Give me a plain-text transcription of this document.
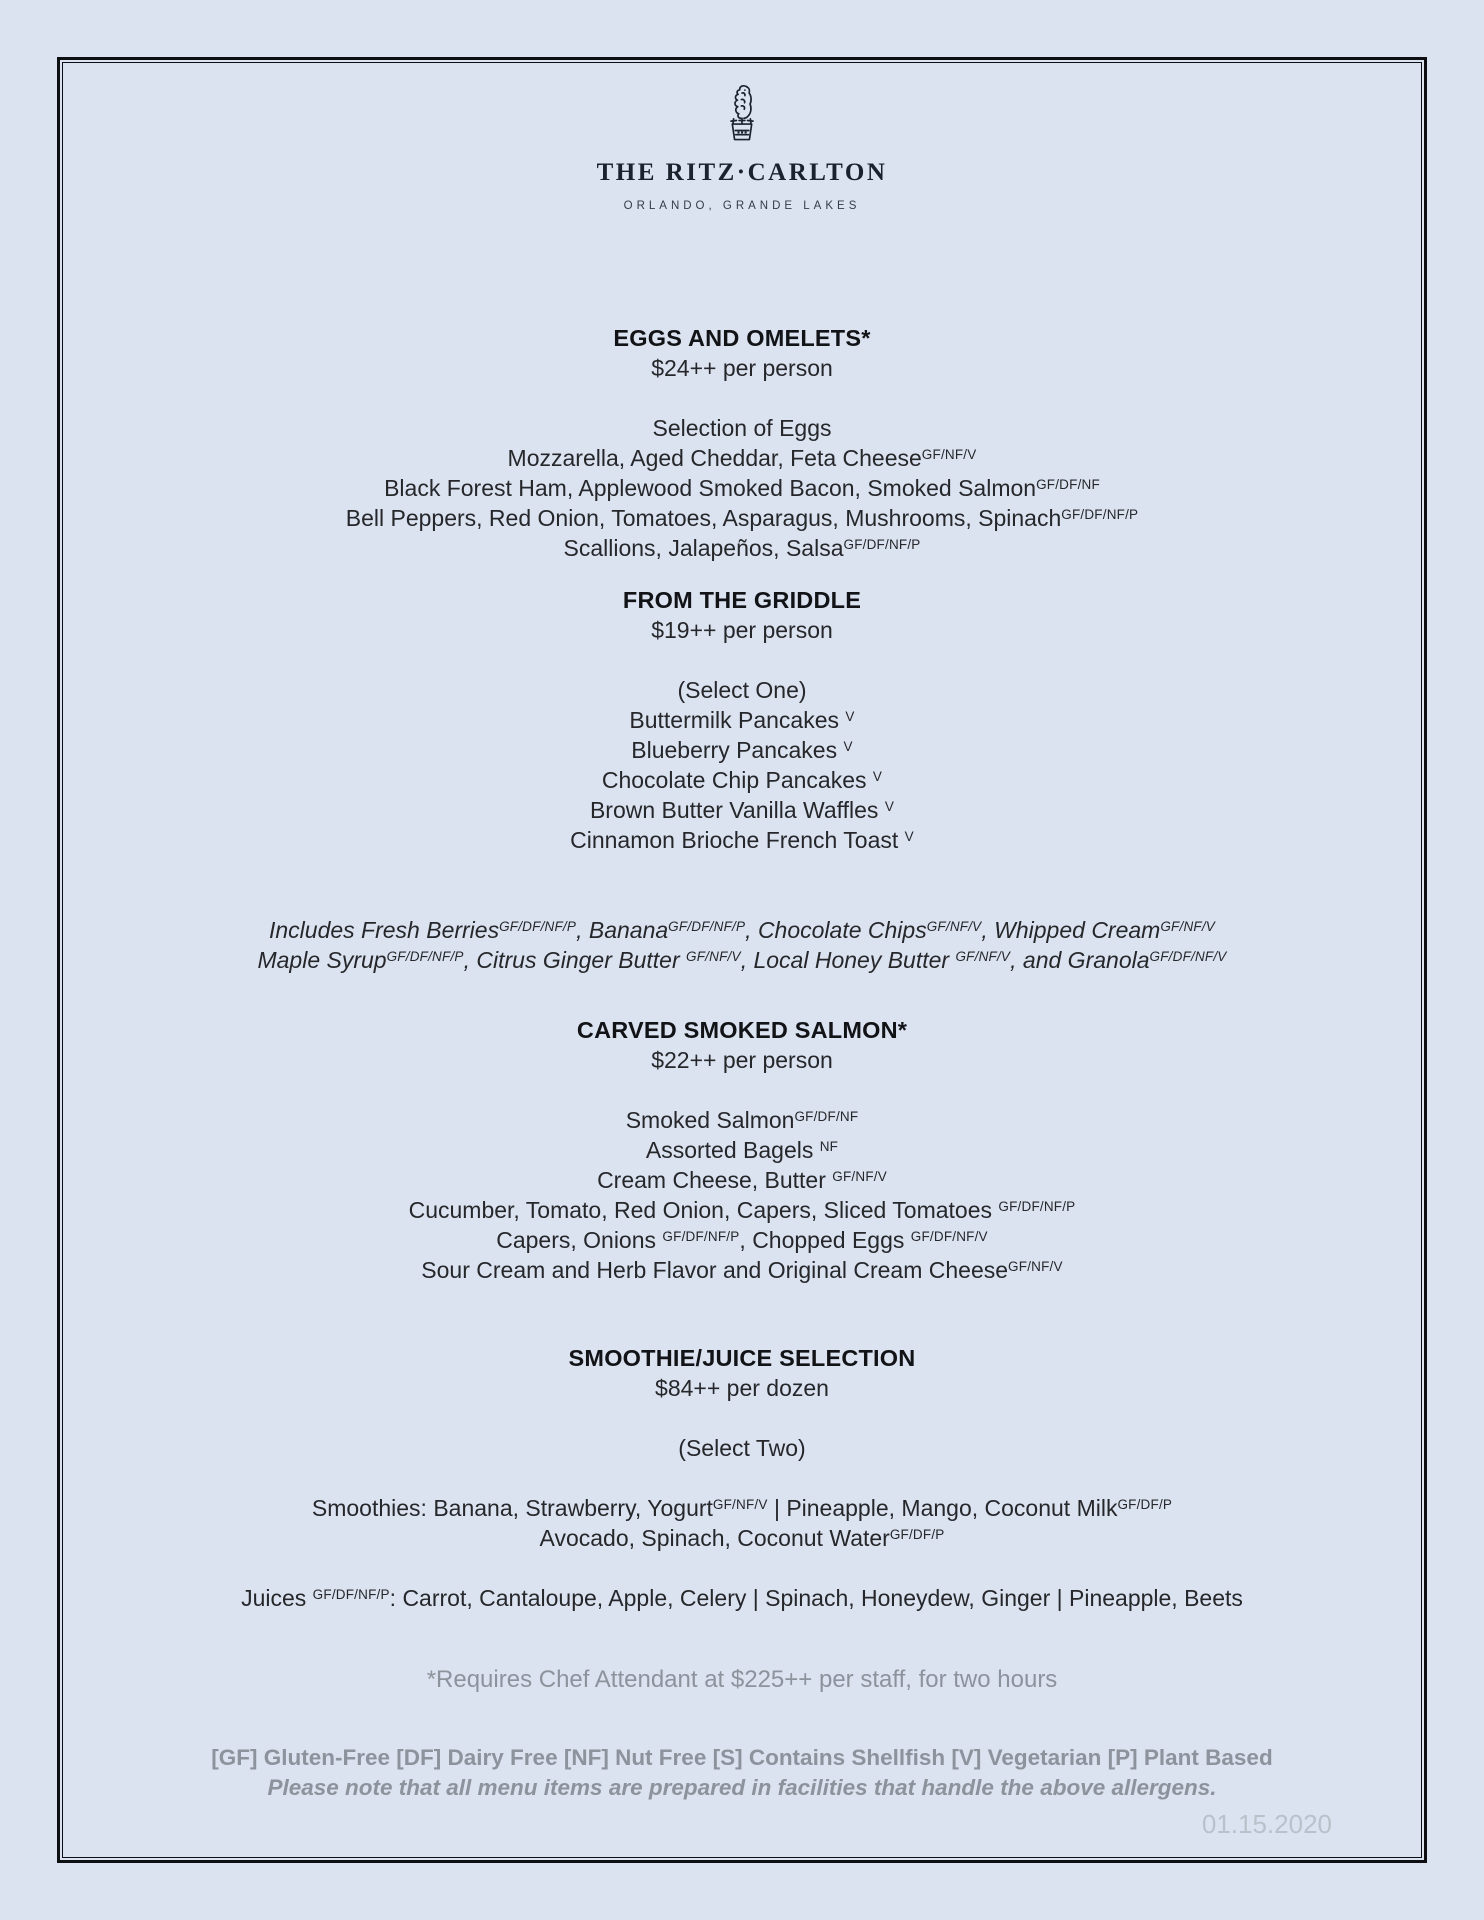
THE RITZ·CARLTON
ORLANDO, GRANDE LAKES
EGGS AND OMELETS*
$24++ per person
Selection of Eggs
Mozzarella, Aged Cheddar, Feta Cheese$^{GF/NF/V}$
Black Forest Ham, Applewood Smoked Bacon, Smoked Salmon$^{GF/DF/NF}$
Bell Peppers, Red Onion, Tomatoes, Asparagus, Mushrooms, Spinach$^{GF/DF/NF/P}$
Scallions, Jalapeños, Salsa$^{GF/DF/NF/P}$
FROM THE GRIDDLE
$19++ per person
(Select One)
Buttermilk Pancakes $^V$
Blueberry Pancakes $^V$
Chocolate Chip Pancakes $^V$
Brown Butter Vanilla Waffles $^V$
Cinnamon Brioche French Toast $^V$
Includes Fresh Berries$^{GF/DF/NF/P}$, Banana$^{GF/DF/NF/P}$, Chocolate Chips$^{GF/NF/V}$, Whipped Cream$^{GF/NF/V}$
Maple Syrup$^{GF/DF/NF/P}$, Citrus Ginger Butter $^{GF/NF/V}$, Local Honey Butter $^{GF/NF/V}$, and Granola$^{GF/DF/NF/V}$
CARVED SMOKED SALMON*
$22++ per person
Smoked Salmon$^{GF/DF/NF}$
Assorted Bagels $^{NF}$
Cream Cheese, Butter $^{GF/NF/V}$
Cucumber, Tomato, Red Onion, Capers, Sliced Tomatoes $^{GF/DF/NF/P}$
Capers, Onions $^{GF/DF/NF/P}$, Chopped Eggs $^{GF/DF/NF/V}$
Sour Cream and Herb Flavor and Original Cream Cheese$^{GF/NF/V}$
SMOOTHIE/JUICE SELECTION
$84++ per dozen
(Select Two)
Smoothies: Banana, Strawberry, Yogurt$^{GF/NF/V}$ | Pineapple, Mango, Coconut Milk$^{GF/DF/P}$
Avocado, Spinach, Coconut Water$^{GF/DF/P}$
Juices $^{GF/DF/NF/P}$: Carrot, Cantaloupe, Apple, Celery | Spinach, Honeydew, Ginger | Pineapple, Beets
*Requires Chef Attendant at $225++ per staff, for two hours
[GF] Gluten-Free [DF] Dairy Free [NF] Nut Free [S] Contains Shellfish [V] Vegetarian [P] Plant Based
Please note that all menu items are prepared in facilities that handle the above allergens.
01.15.2020
